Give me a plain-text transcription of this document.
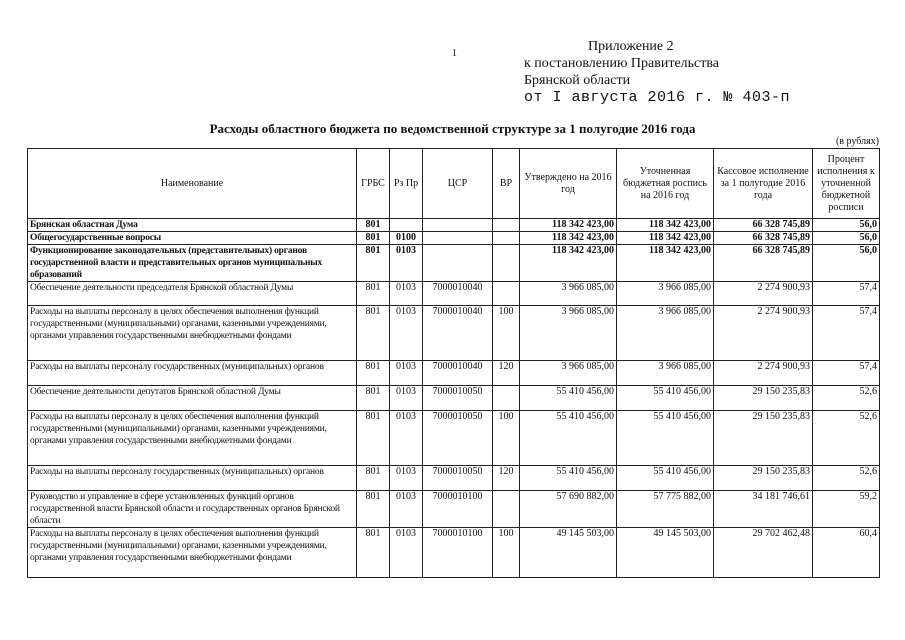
1	Приложение 2
к постановлению Правительства
Брянской области
от I августа 2016 г. № 403-п
Расходы областного бюджета по ведомственной структуре за 1 полугодие 2016 года
(в рублях)
Наименование	ГРБС	Рз Пр	ЦСР	ВР	Утверждено на 2016 год	Уточненная бюджетная роспись на 2016 год	Кассовое исполнение за 1 полугодие 2016 года	Процент исполнения к уточненной бюджетной росписи
Брянская областная Дума	801				118 342 423,00	118 342 423,00	66 328 745,89	56,0
Общегосударственные вопросы	801	0100			118 342 423,00	118 342 423,00	66 328 745,89	56,0
Функционирование законодательных (представительных) органов государственной власти и представительных органов муниципальных образований	801	0103			118 342 423,00	118 342 423,00	66 328 745,89	56,0
Обеспечение деятельности председателя Брянской областной Думы	801	0103	7000010040		3 966 085,00	3 966 085,00	2 274 900,93	57,4
Расходы на выплаты персоналу в целях обеспечения выполнения функций государственными (муниципальными) органами, казенными учреждениями, органами управления государственными внебюджетными фондами	801	0103	7000010040	100	3 966 085,00	3 966 085,00	2 274 900,93	57,4
Расходы на выплаты персоналу государственных (муниципальных) органов	801	0103	7000010040	120	3 966 085,00	3 966 085,00	2 274 900,93	57,4
Обеспечение деятельности депутатов Брянской областной Думы	801	0103	7000010050		55 410 456,00	55 410 456,00	29 150 235,83	52,6
Расходы на выплаты персоналу в целях обеспечения выполнения функций государственными (муниципальными) органами, казенными учреждениями, органами управления государственными внебюджетными фондами	801	0103	7000010050	100	55 410 456,00	55 410 456,00	29 150 235,83	52,6
Расходы на выплаты персоналу государственных (муниципальных) органов	801	0103	7000010050	120	55 410 456,00	55 410 456,00	29 150 235,83	52,6
Руководство и управление в сфере установленных функций органов государственной власти Брянской области и государственных органов Брянской области	801	0103	7000010100		57 690 882,00	57 775 882,00	34 181 746,61	59,2
Расходы на выплаты персоналу в целях обеспечения выполнения функций государственными (муниципальными) органами, казенными учреждениями, органами управления государственными внебюджетными фондами	801	0103	7000010100	100	49 145 503,00	49 145 503,00	29 702 462,48	60,4
